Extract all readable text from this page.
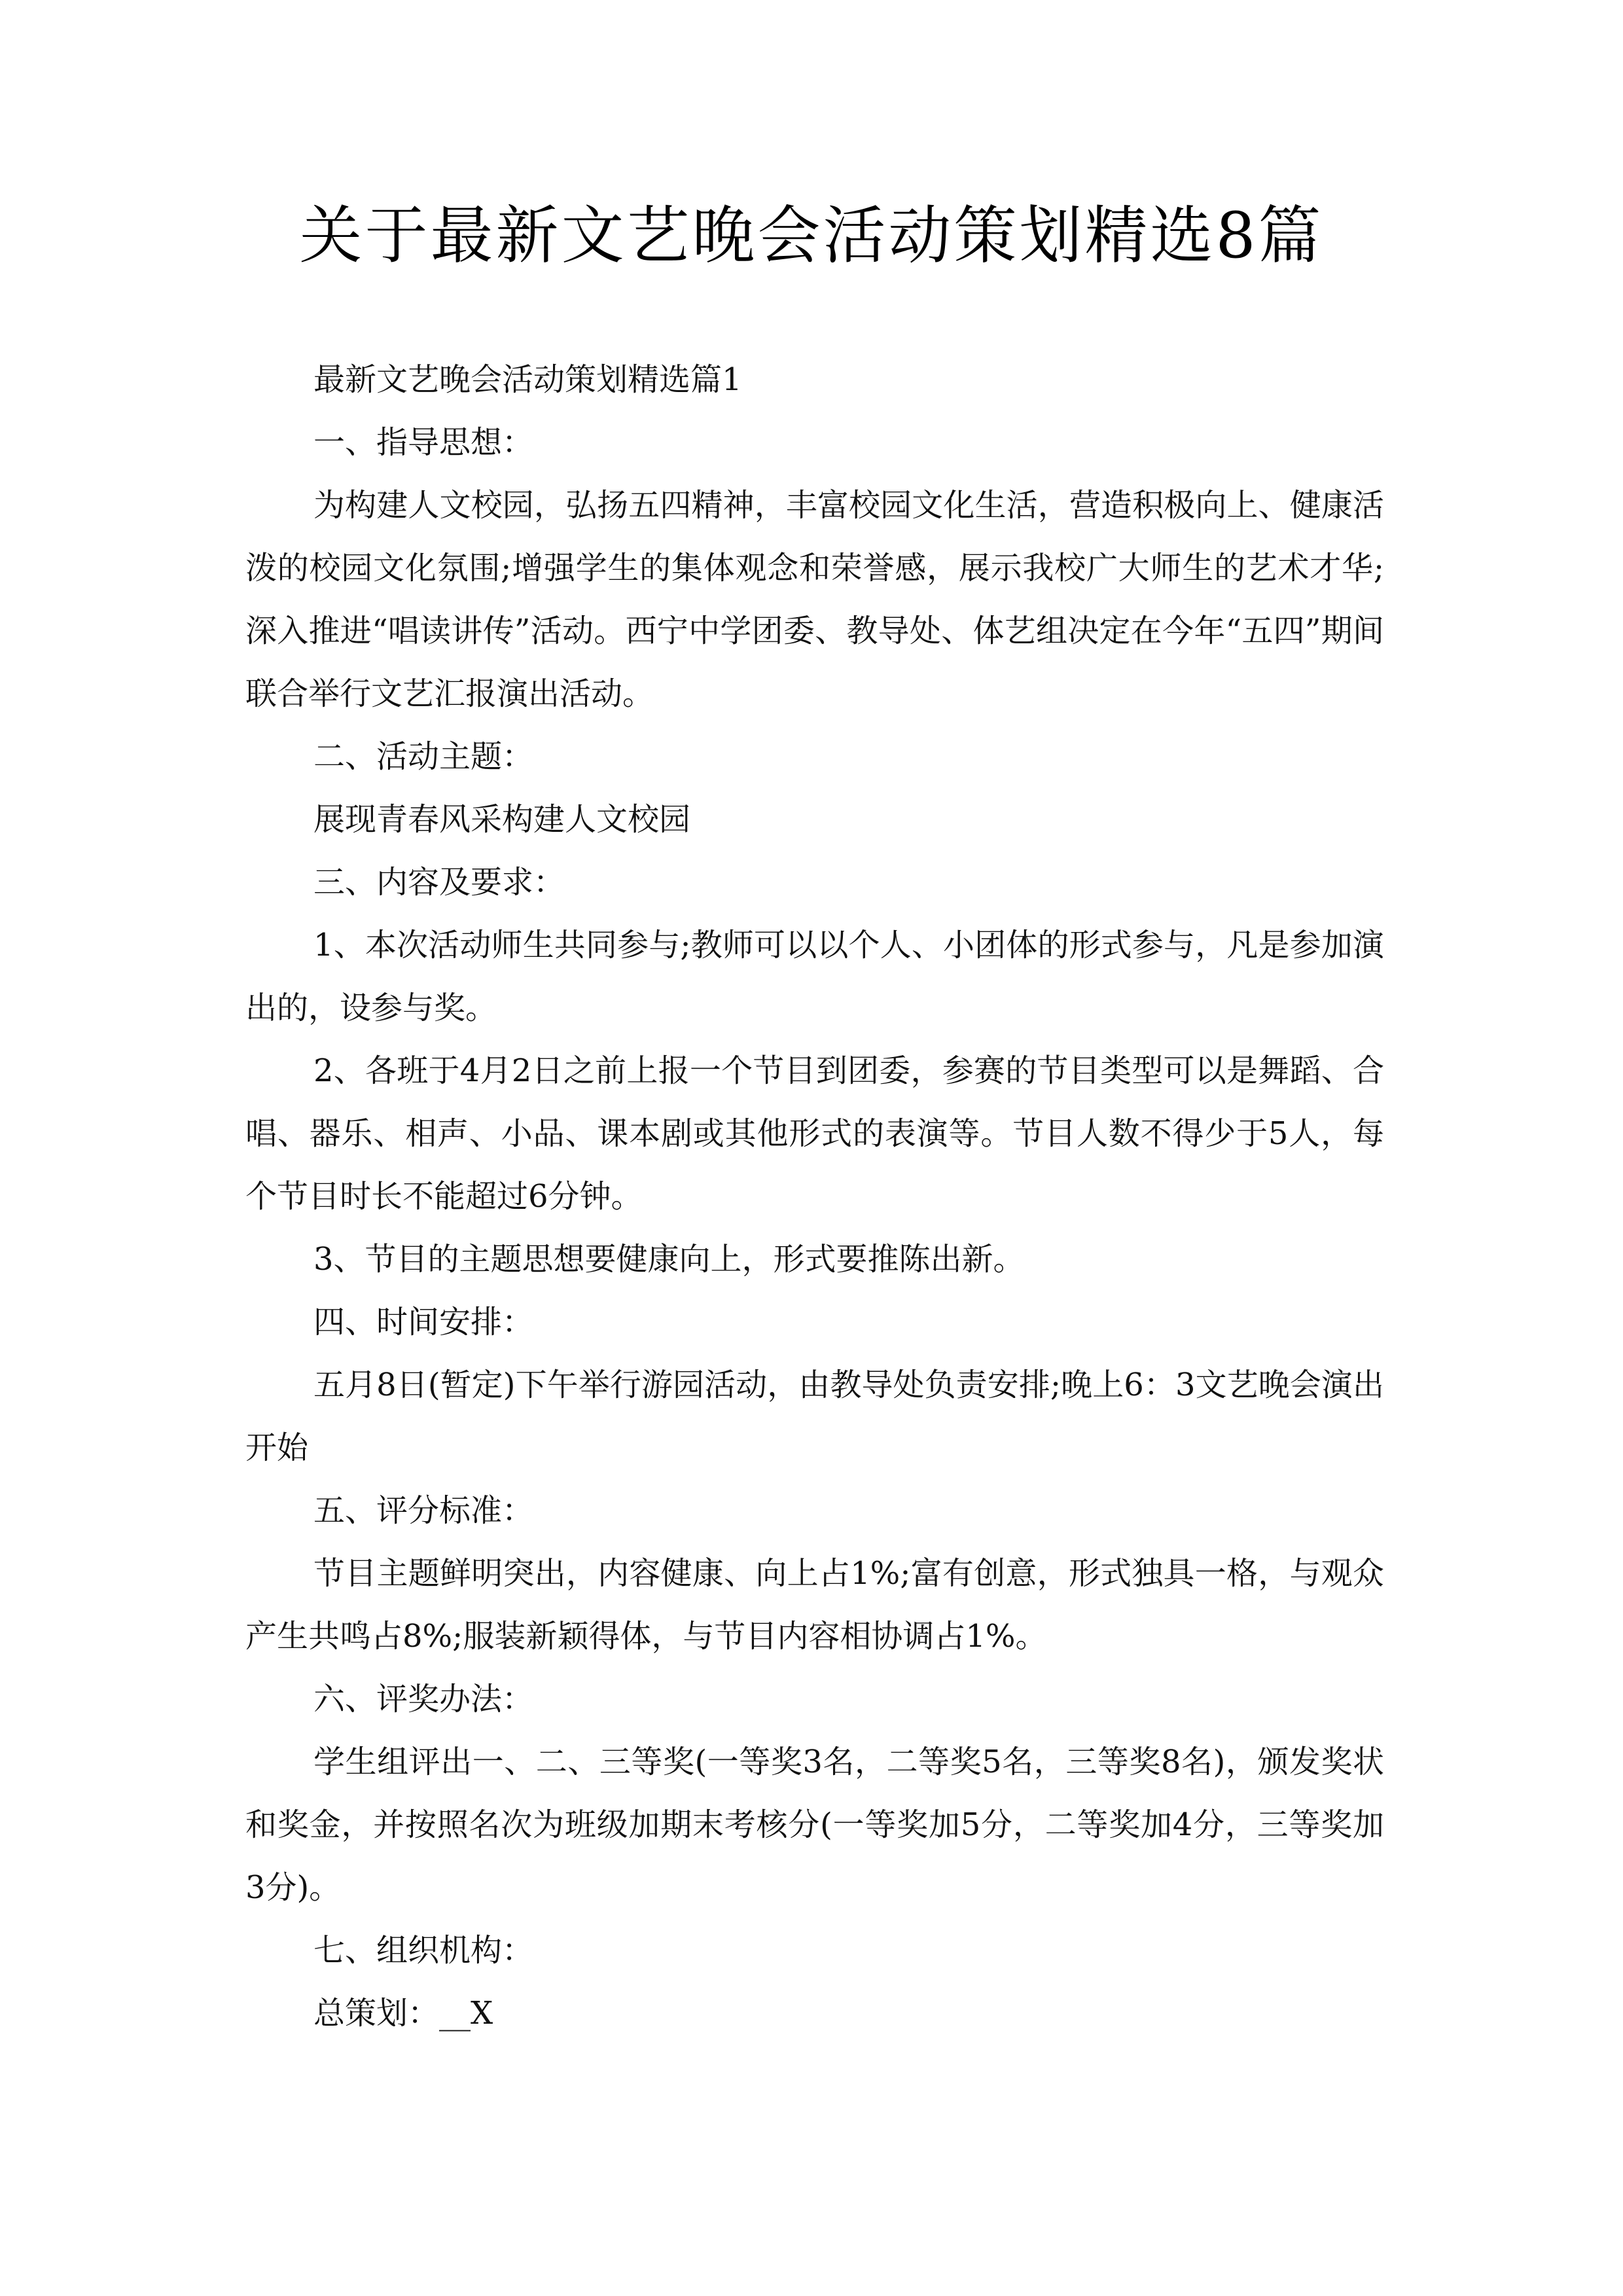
关于最新文艺晚会活动策划精选8篇

最新文艺晚会活动策划精选篇1

一、指导思想：

为构建人文校园，弘扬五四精神，丰富校园文化生活，营造积极向上、健康活泼的校园文化氛围;增强学生的集体观念和荣誉感，展示我校广大师生的艺术才华;深入推进“唱读讲传”活动。西宁中学团委、教导处、体艺组决定在今年“五四”期间联合举行文艺汇报演出活动。

二、活动主题：

展现青春风采构建人文校园

三、内容及要求：

1、本次活动师生共同参与;教师可以以个人、小团体的形式参与，凡是参加演出的，设参与奖。

2、各班于4月2日之前上报一个节目到团委，参赛的节目类型可以是舞蹈、合唱、器乐、相声、小品、课本剧或其他形式的表演等。节目人数不得少于5人，每个节目时长不能超过6分钟。

3、节目的主题思想要健康向上，形式要推陈出新。

四、时间安排：

五月8日(暂定)下午举行游园活动，由教导处负责安排;晚上6：3文艺晚会演出开始

五、评分标准：

节目主题鲜明突出，内容健康、向上占1%;富有创意，形式独具一格，与观众产生共鸣占8%;服装新颖得体，与节目内容相协调占1%。

六、评奖办法：

学生组评出一、二、三等奖(一等奖3名，二等奖5名，三等奖8名)，颁发奖状和奖金，并按照名次为班级加期末考核分(一等奖加5分，二等奖加4分，三等奖加3分)。

七、组织机构：

总策划：__X
